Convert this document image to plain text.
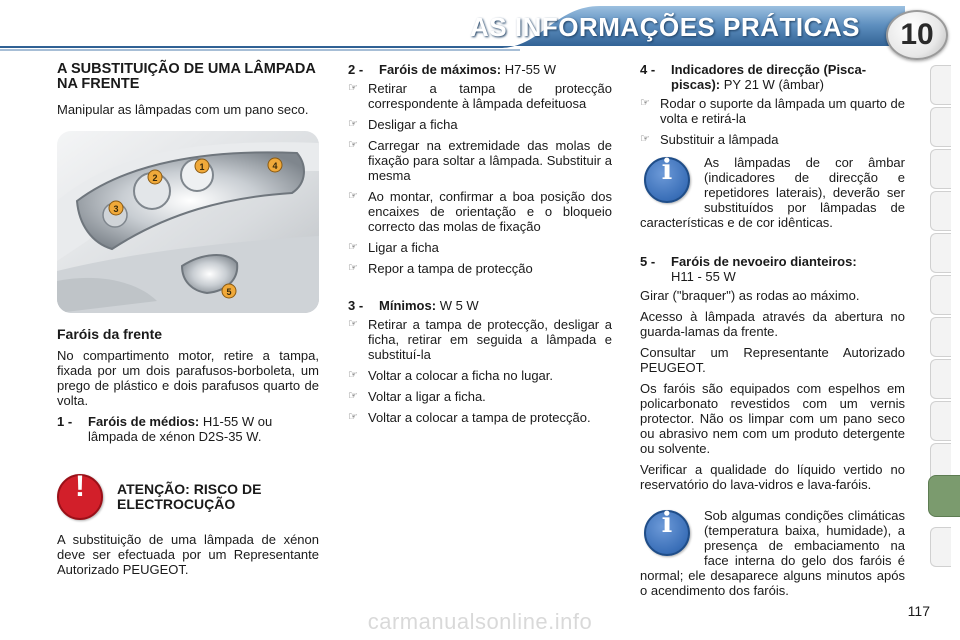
AS INFORMAÇÕES PRÁTICAS	10
A SUBSTITUIÇÃO DE UMA LÂMPADA NA FRENTE

Manipular as lâmpadas com um pano seco.

1
2
3
4
5
Faróis da frente

No compartimento motor, retire a tampa, fixada por um dois parafusos-borboleta, um prego de plástico e dois parafusos quarto de volta.

1 -	Faróis de médios: H1-55 W ou lâmpada de xénon D2S-35 W.
!	ATENÇÃO: RISCO DE ELECTROCUÇÃO

A substituição de uma lâmpada de xénon deve ser efectuada por um Representante Autorizado PEUGEOT.

2 -	Faróis de máximos: H7-55 W
☞ Retirar a tampa de protecção correspondente à lâmpada defeituosa
☞ Desligar a ficha
☞ Carregar na extremidade das molas de fixação para soltar a lâmpada. Substituir a mesma
☞ Ao montar, confirmar a boa posição dos encaixes de orientação e o bloqueio correcto das molas de fixação
☞ Ligar a ficha
☞ Repor a tampa de protecção
3 -	Mínimos: W 5 W
☞ Retirar a tampa de protecção, desligar a ficha, retirar em seguida a lâmpada e substituí-la
☞ Voltar a colocar a ficha no lugar.
☞ Voltar a ligar a ficha.
☞ Voltar a colocar a tampa de protecção.
4 -	Indicadores de direcção (Pisca-piscas): PY 21 W (âmbar)
☞ Rodar o suporte da lâmpada um quarto de volta e retirá-la
☞ Substituir a lâmpada
i	As lâmpadas de cor âmbar (indicadores de direcção e repetidores laterais), deverão ser substituídos por lâmpadas de características e de cor idênticas.
5 -	Faróis de nevoeiro dianteiros:
H11 - 55 W

Girar ("braquer") as rodas ao máximo.

Acesso à lâmpada através da abertura no guarda-lamas da frente.

Consultar um Representante Autorizado PEUGEOT.

Os faróis são equipados com espelhos em policarbonato revestidos com um vernis protector. Não os limpar com um pano seco ou abrasivo nem com um produto detergente ou solvente.

Verificar a qualidade do líquido vertido no reservatório do lava-vidros e lava-faróis.

i	Sob algumas condições climáticas (temperatura baixa, humidade), a presença de embaciamento na face interna do gelo dos faróis é normal; ele desaparece alguns minutos após o acendimento dos faróis.
117
carmanualsonline.info
